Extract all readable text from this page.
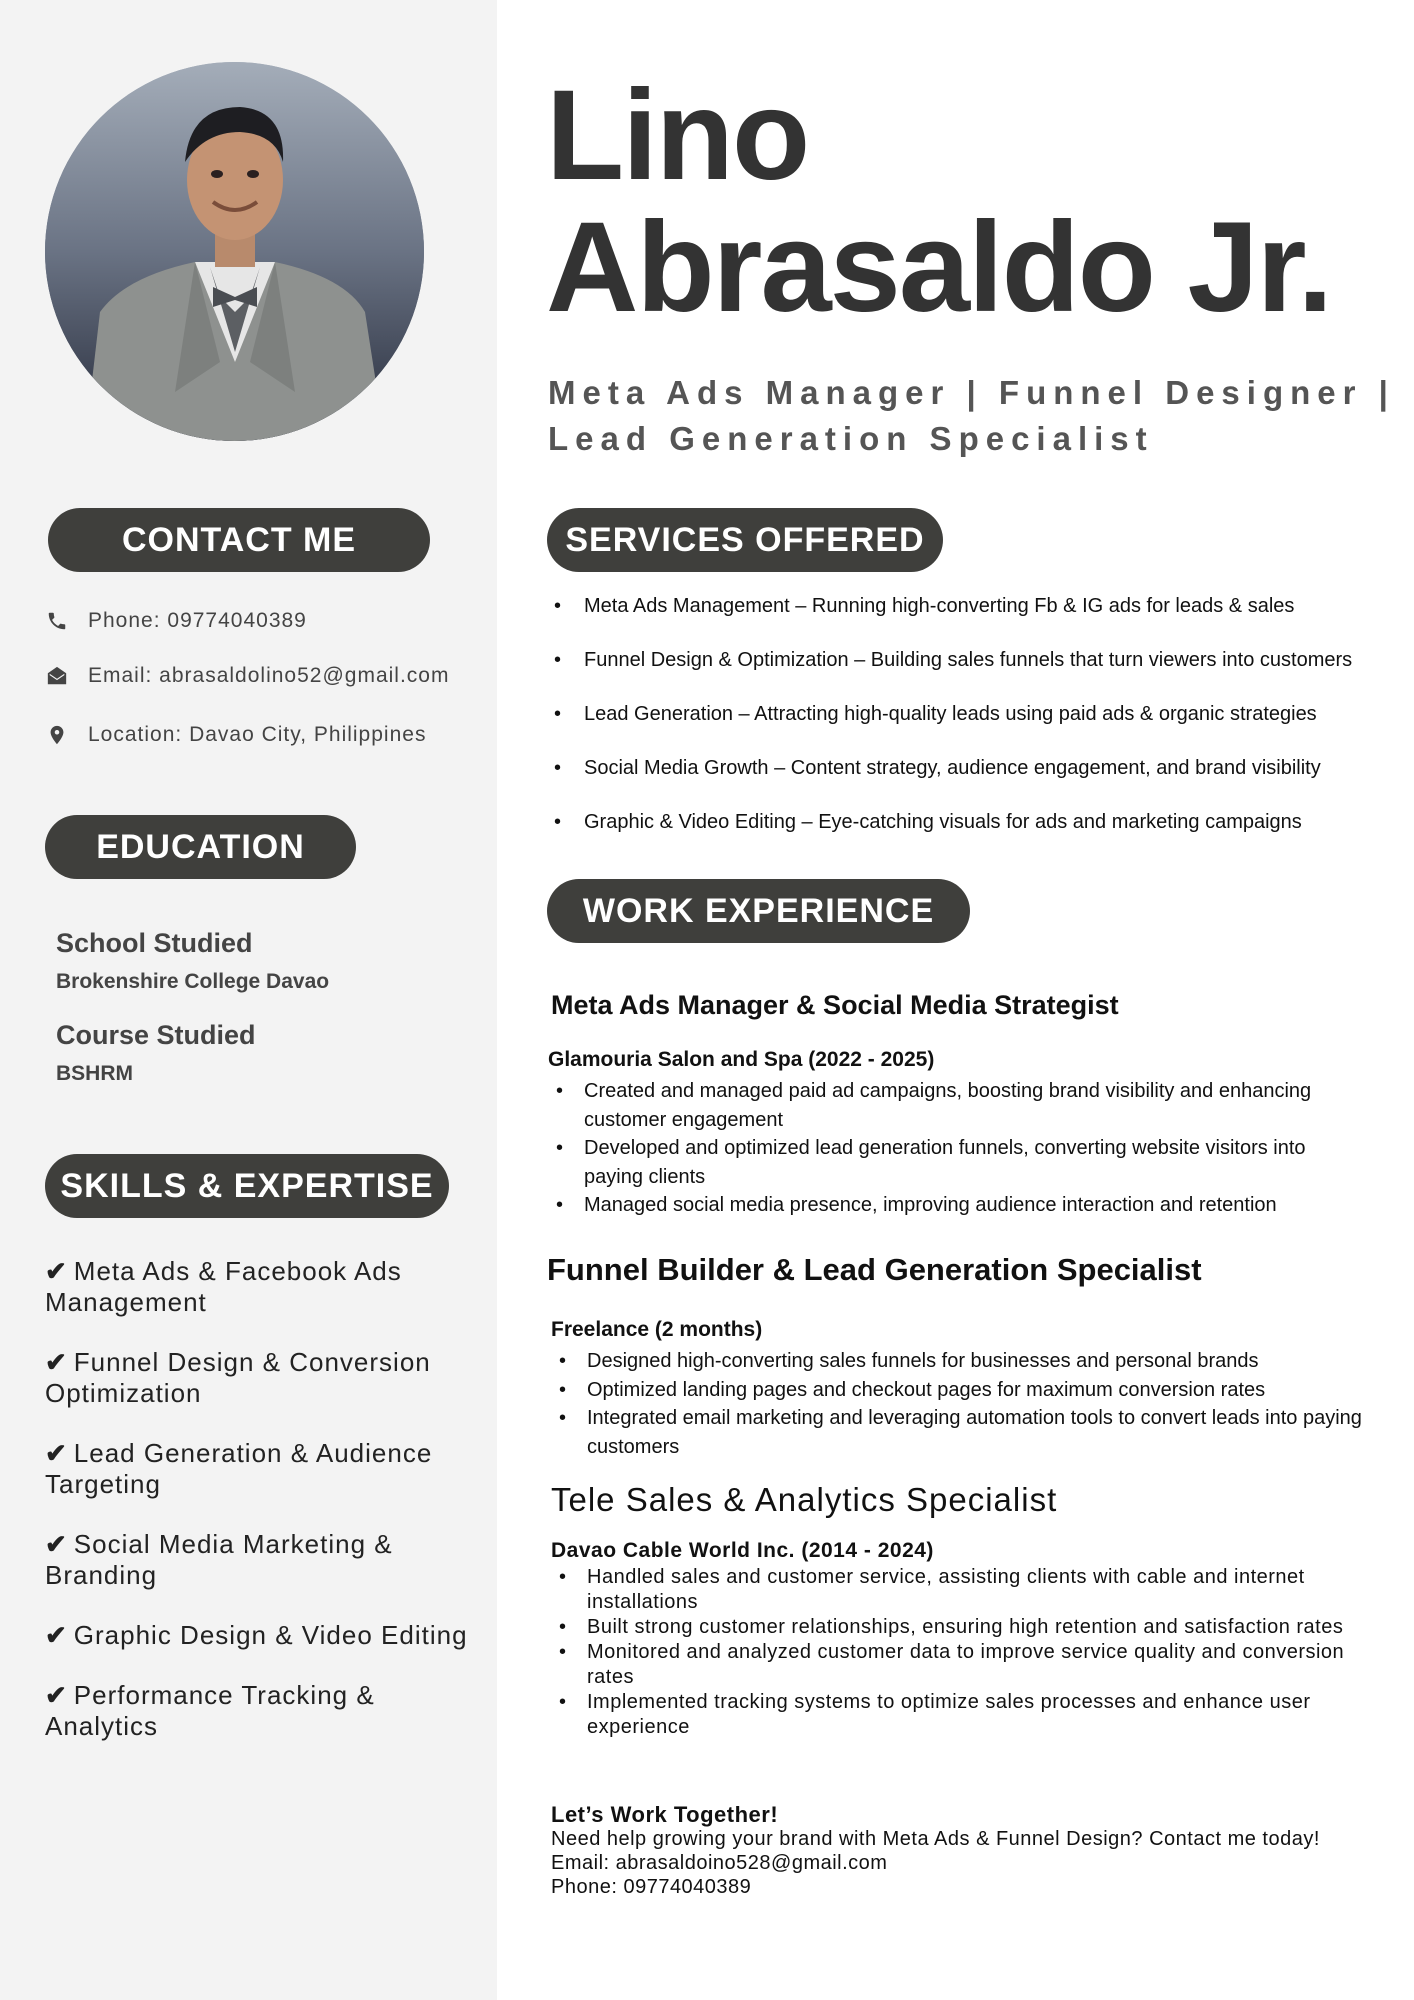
CONTACT ME
Phone: 09774040389
Email: abrasaldolino52@gmail.com
Location: Davao City, Philippines
EDUCATION
School Studied
Brokenshire College Davao
Course Studied
BSHRM
SKILLS & EXPERTISE
✔ Meta Ads & Facebook Ads Management
✔ Funnel Design & Conversion Optimization
✔ Lead Generation & Audience Targeting
✔ Social Media Marketing & Branding
✔ Graphic Design & Video Editing
✔ Performance Tracking & Analytics
Lino
Abrasaldo Jr.
Meta Ads Manager | Funnel Designer |
Lead Generation Specialist
SERVICES OFFERED
• Meta Ads Management – Running high-converting Fb & IG ads for leads & sales
• Funnel Design & Optimization – Building sales funnels that turn viewers into customers
• Lead Generation – Attracting high-quality leads using paid ads & organic strategies
• Social Media Growth – Content strategy, audience engagement, and brand visibility
• Graphic & Video Editing – Eye-catching visuals for ads and marketing campaigns
WORK EXPERIENCE
Meta Ads Manager & Social Media Strategist
Glamouria Salon and Spa (2022 - 2025)
• Created and managed paid ad campaigns, boosting brand visibility and enhancing customer engagement
• Developed and optimized lead generation funnels, converting website visitors into paying clients
• Managed social media presence, improving audience interaction and retention
Funnel Builder & Lead Generation Specialist
Freelance (2 months)
• Designed high-converting sales funnels for businesses and personal brands
• Optimized landing pages and checkout pages for maximum conversion rates
• Integrated email marketing and leveraging automation tools to convert leads into paying customers
Tele Sales & Analytics Specialist
Davao Cable World Inc. (2014 - 2024)
• Handled sales and customer service, assisting clients with cable and internet installations
• Built strong customer relationships, ensuring high retention and satisfaction rates
• Monitored and analyzed customer data to improve service quality and conversion rates
• Implemented tracking systems to optimize sales processes and enhance user experience
Let’s Work Together!
Need help growing your brand with Meta Ads & Funnel Design? Contact me today!
Email: abrasaldoino528@gmail.com
Phone: 09774040389
